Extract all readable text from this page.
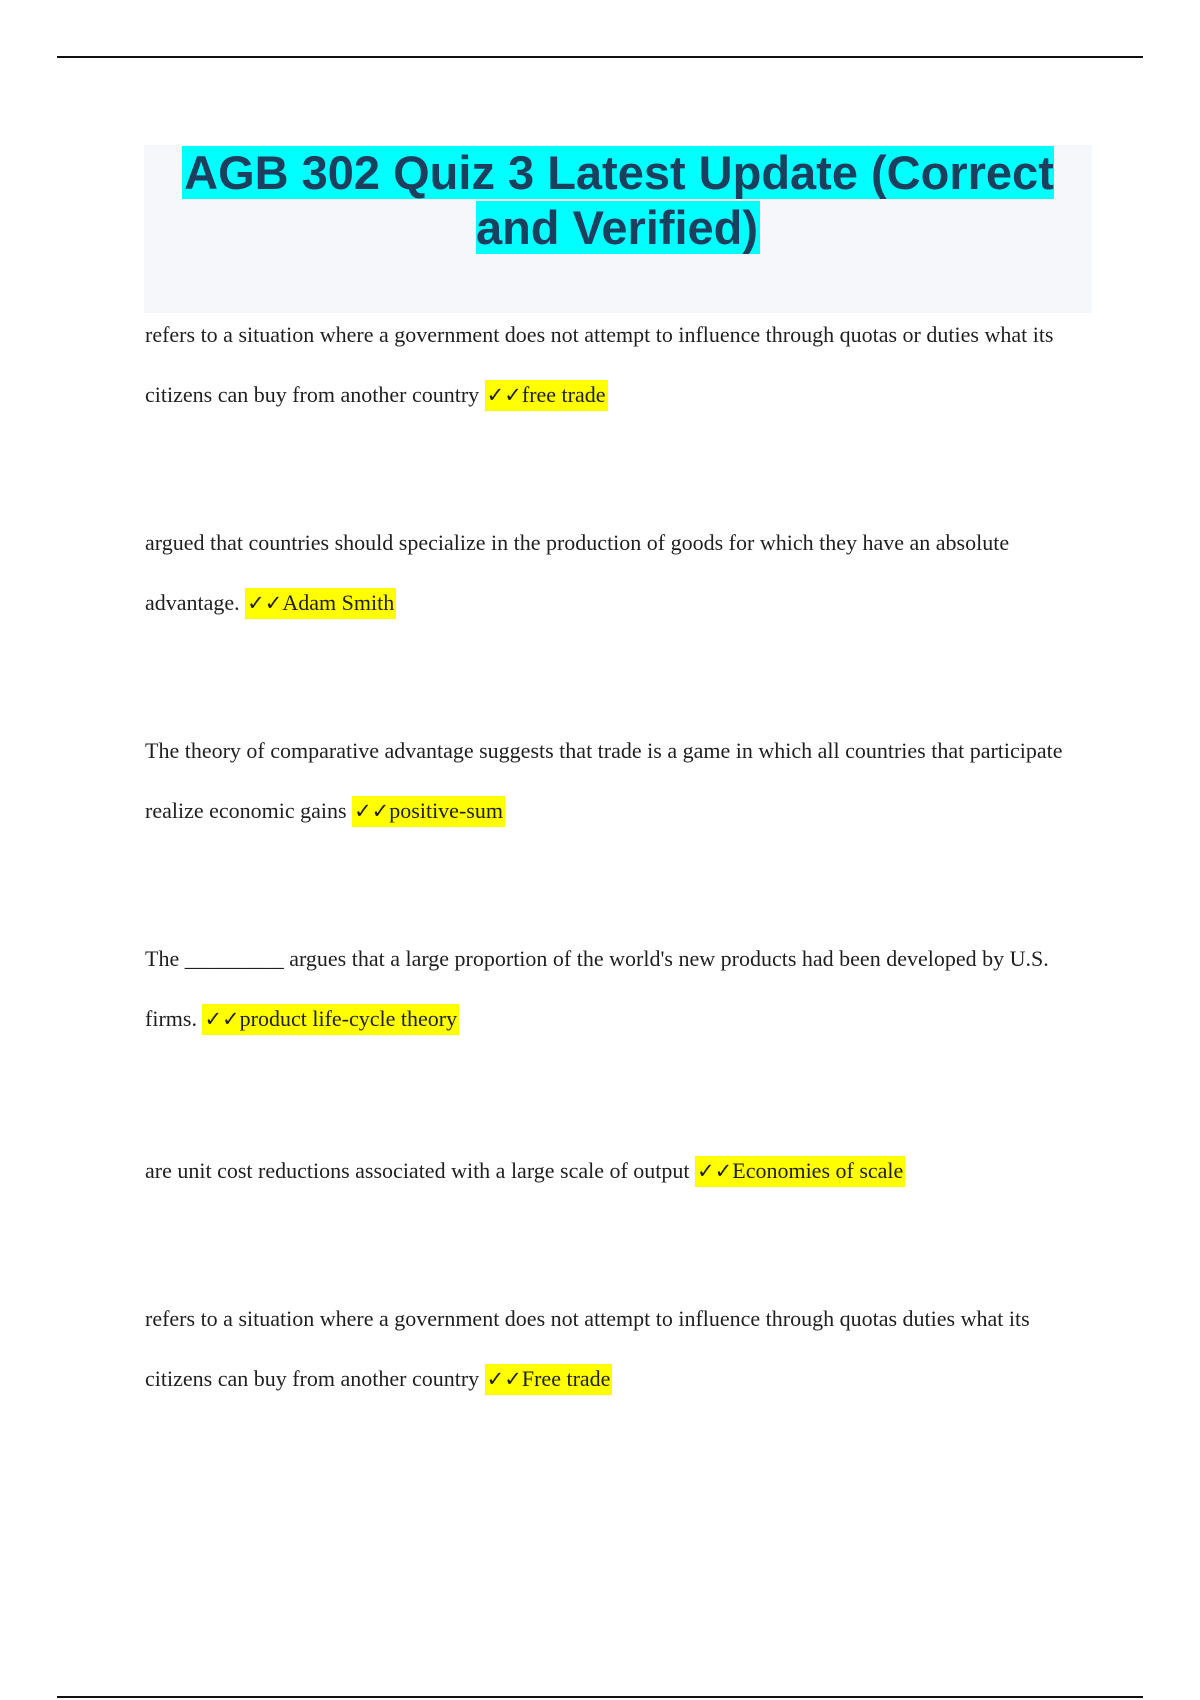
AGB 302 Quiz 3 Latest Update (Correct and Verified)
refers to a situation where a government does not attempt to influence through quotas or duties what its citizens can buy from another country ✓✓free trade
argued that countries should specialize in the production of goods for which they have an absolute advantage. ✓✓Adam Smith
The theory of comparative advantage suggests that trade is a game in which all countries that participate realize economic gains ✓✓positive-sum
The _________ argues that a large proportion of the world's new products had been developed by U.S. firms. ✓✓product life-cycle theory
are unit cost reductions associated with a large scale of output ✓✓Economies of scale
refers to a situation where a government does not attempt to influence through quotas duties what its citizens can buy from another country ✓✓Free trade
